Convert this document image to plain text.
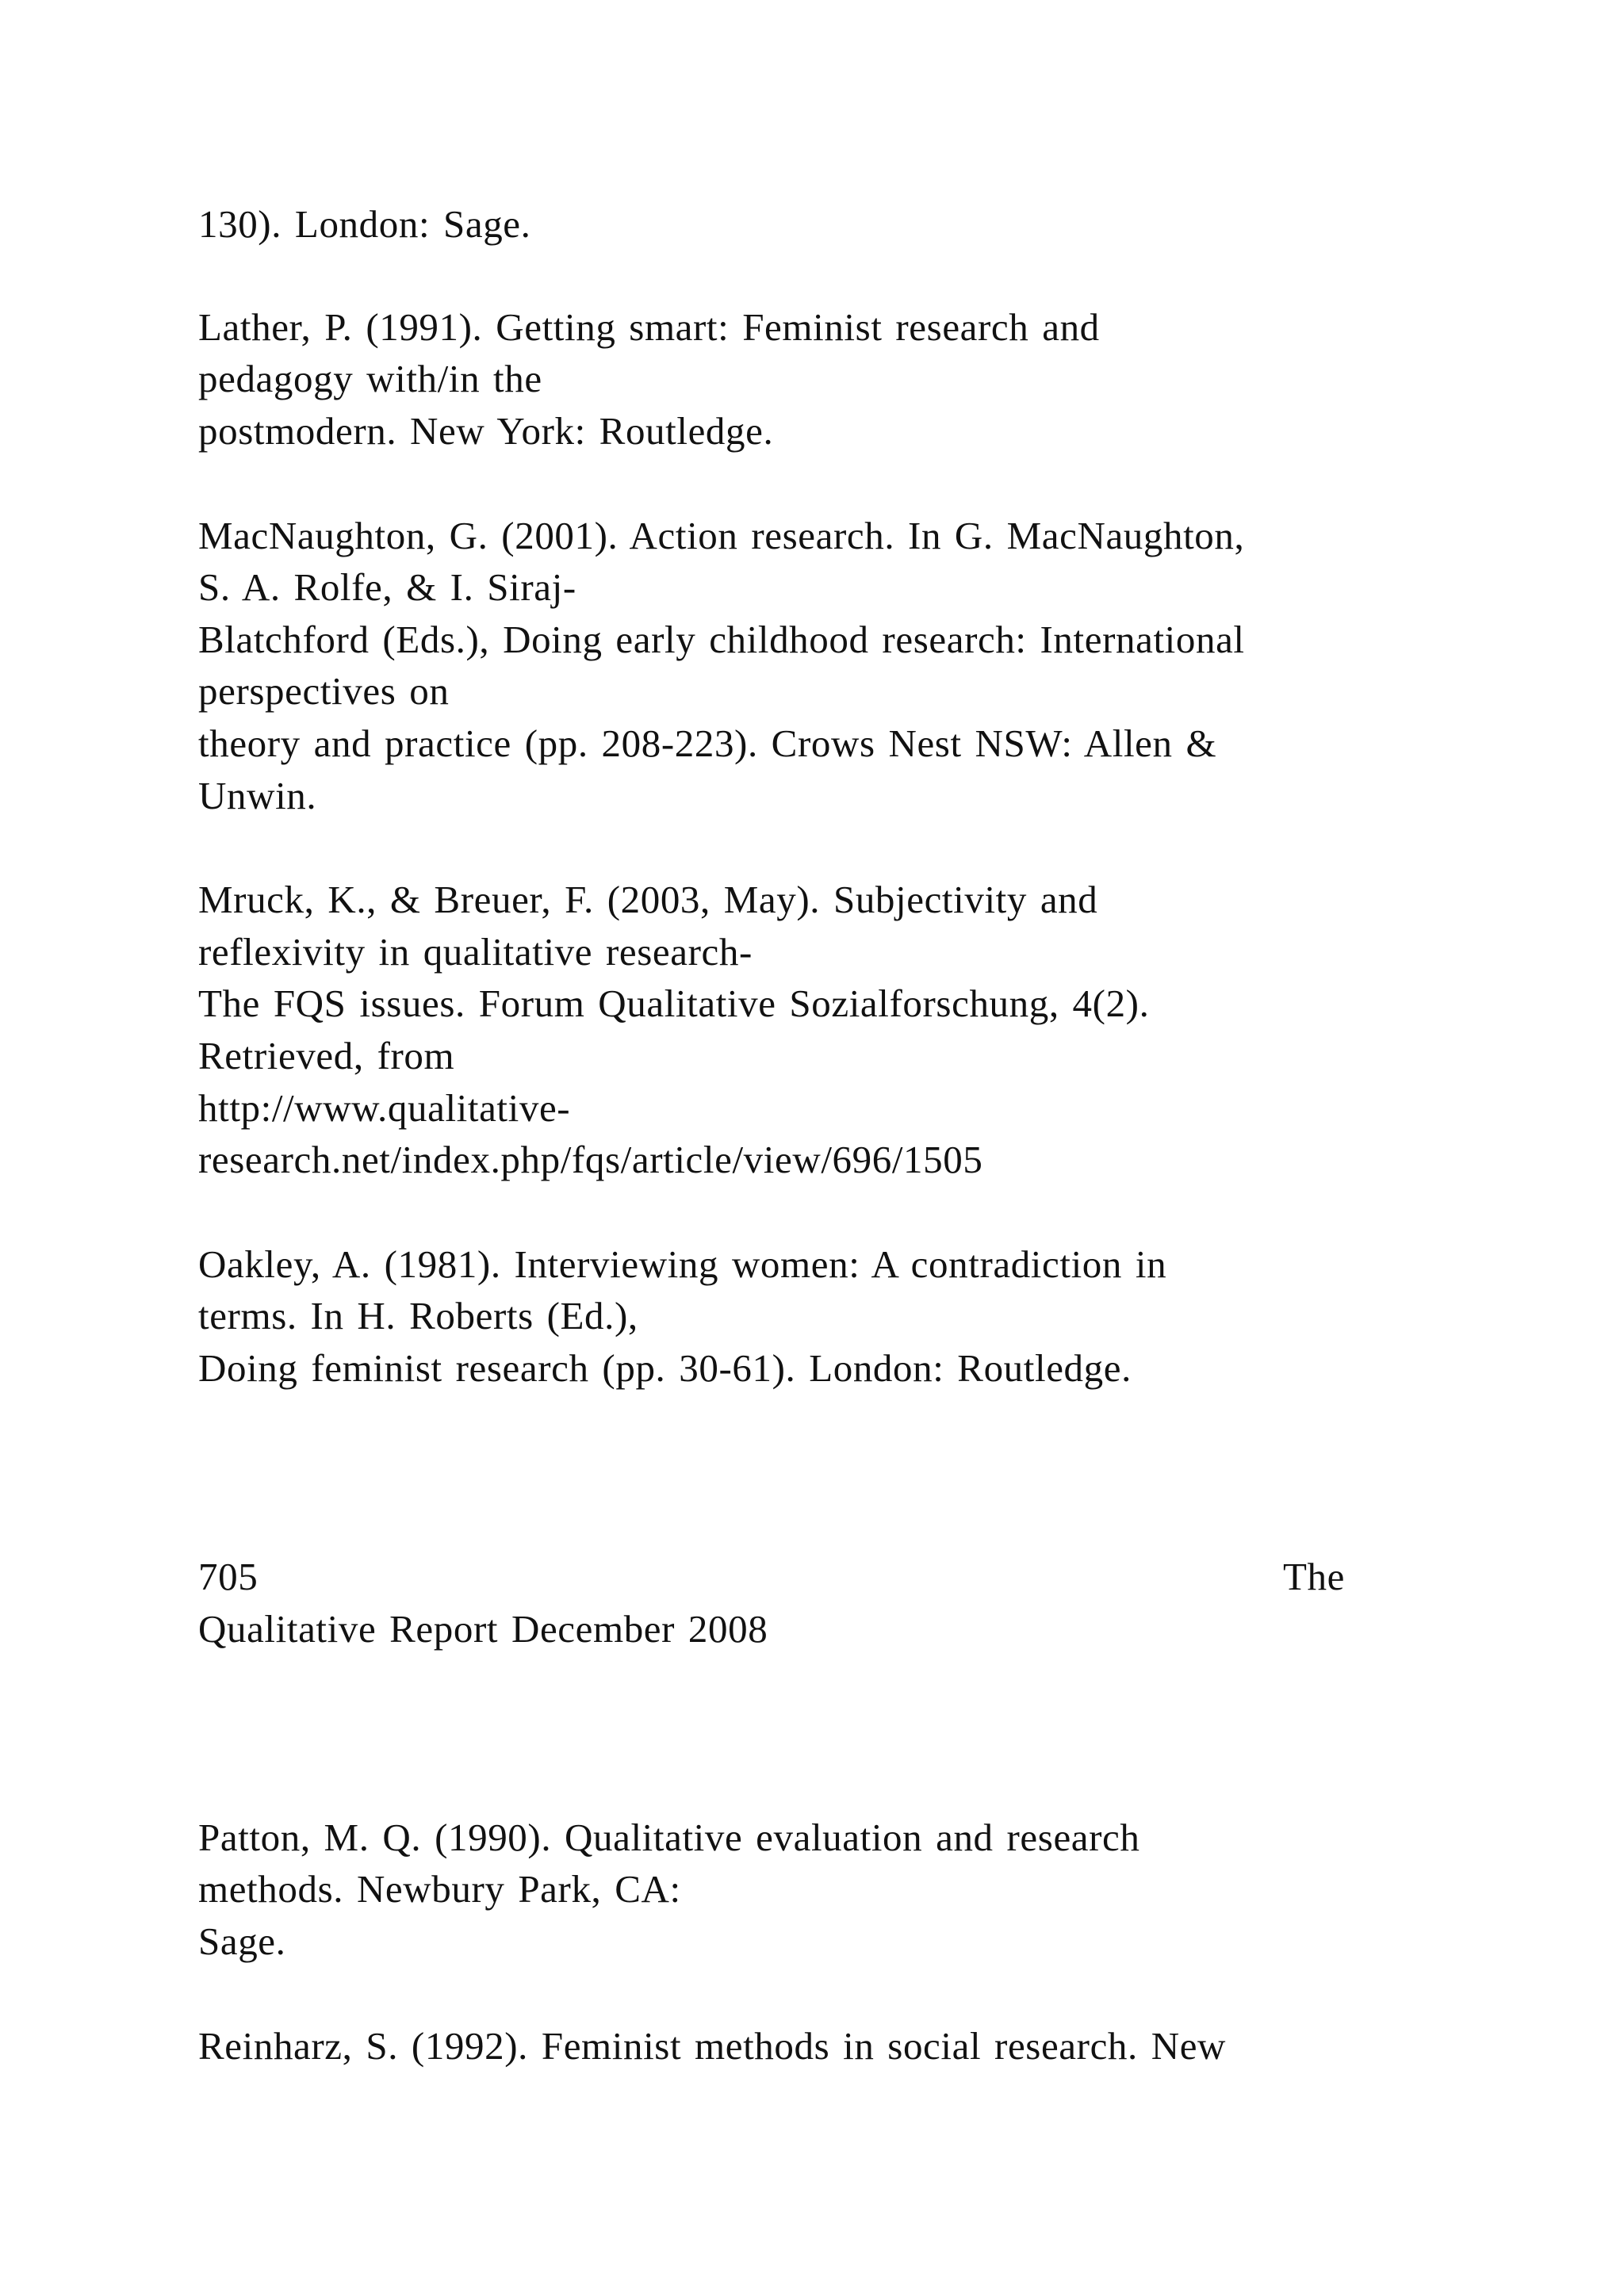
130). London: Sage.
Lather, P. (1991). Getting smart: Feminist research and
pedagogy with/in the
postmodern. New York: Routledge.
MacNaughton, G. (2001). Action research. In G. MacNaughton,
S. A. Rolfe, & I. Siraj-
Blatchford (Eds.), Doing early childhood research: International
perspectives on
theory and practice (pp. 208-223). Crows Nest NSW: Allen &
Unwin.
Mruck, K., & Breuer, F. (2003, May). Subjectivity and
reflexivity in qualitative research-
The FQS issues. Forum Qualitative Sozialforschung, 4(2).
Retrieved, from
http://www.qualitative-
research.net/index.php/fqs/article/view/696/1505
Oakley, A. (1981). Interviewing women: A contradiction in
terms. In H. Roberts (Ed.),
Doing feminist research (pp. 30-61). London: Routledge.
705	The
Qualitative Report December 2008
Patton, M. Q. (1990). Qualitative evaluation and research
methods. Newbury Park, CA:
Sage.
Reinharz, S. (1992). Feminist methods in social research. New
